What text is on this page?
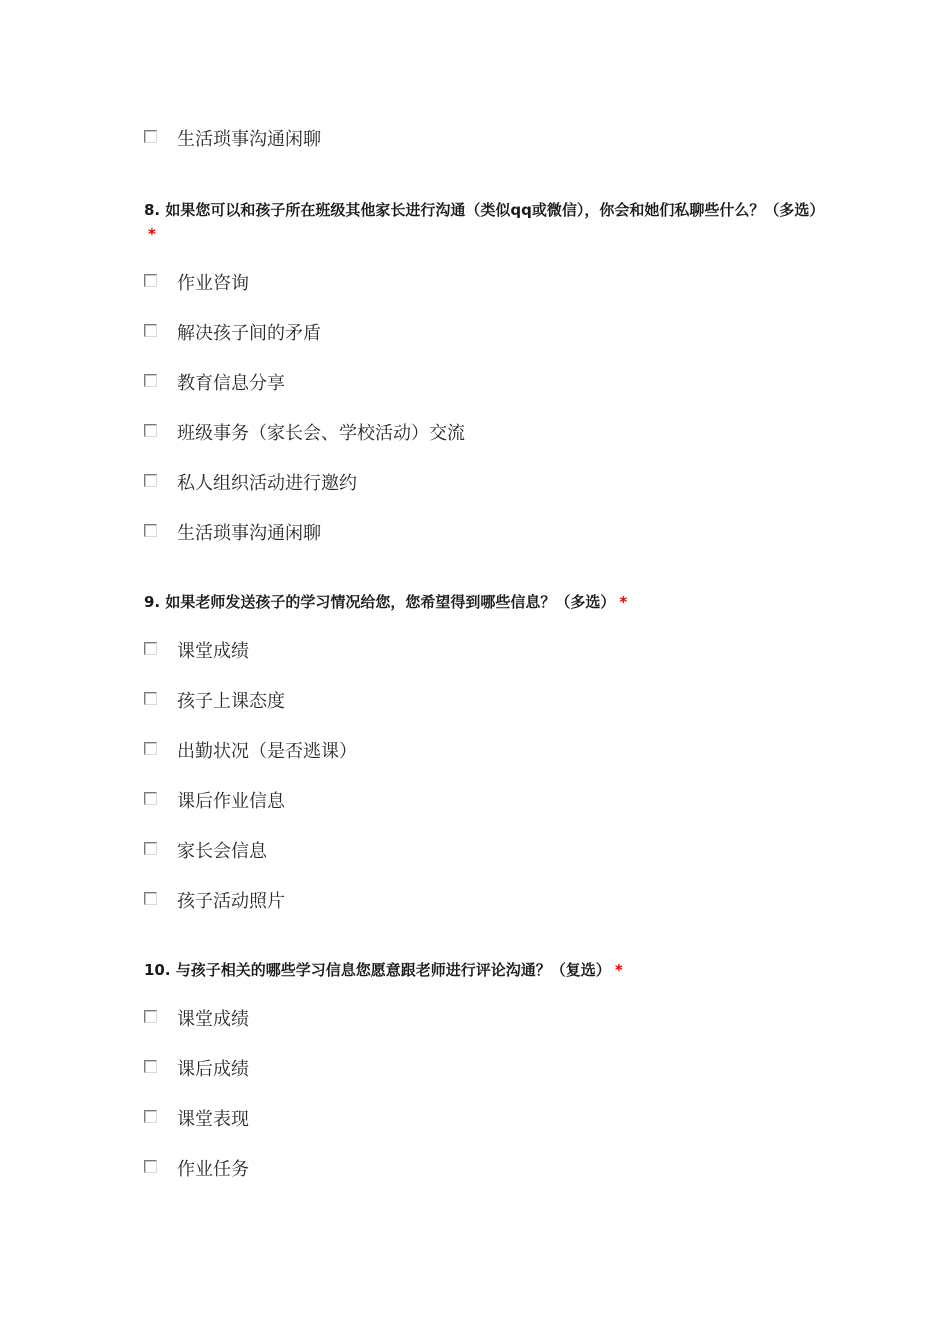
生活琐事沟通闲聊
8. 如果您可以和孩子所在班级其他家长进行沟通（类似qq或微信），你会和她们私聊些什么？（多选）*
作业咨询
解决孩子间的矛盾
教育信息分享
班级事务（家长会、学校活动）交流
私人组织活动进行邀约
生活琐事沟通闲聊
9. 如果老师发送孩子的学习情况给您，您希望得到哪些信息？（多选） *
课堂成绩
孩子上课态度
出勤状况（是否逃课）
课后作业信息
家长会信息
孩子活动照片
10. 与孩子相关的哪些学习信息您愿意跟老师进行评论沟通？（复选） *
课堂成绩
课后成绩
课堂表现
作业任务
